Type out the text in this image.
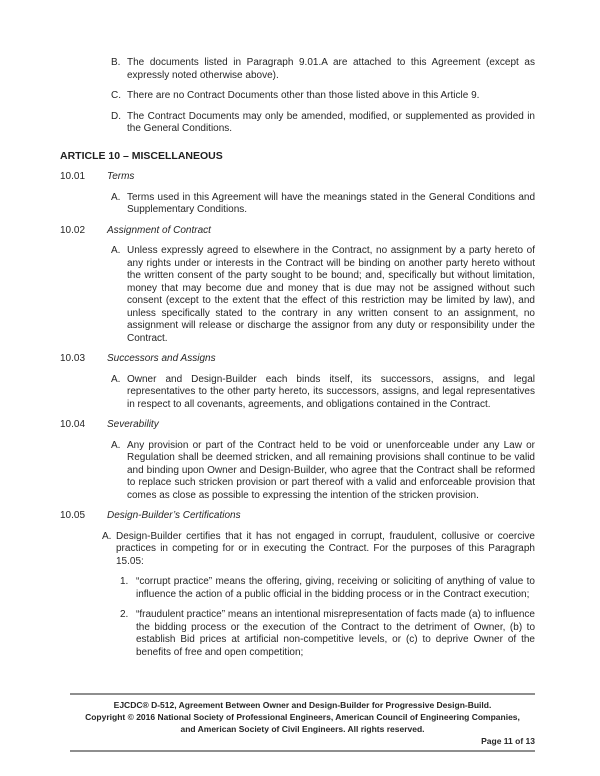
B. The documents listed in Paragraph 9.01.A are attached to this Agreement (except as expressly noted otherwise above).
C. There are no Contract Documents other than those listed above in this Article 9.
D. The Contract Documents may only be amended, modified, or supplemented as provided in the General Conditions.
ARTICLE 10 – MISCELLANEOUS
10.01 Terms
A. Terms used in this Agreement will have the meanings stated in the General Conditions and Supplementary Conditions.
10.02 Assignment of Contract
A. Unless expressly agreed to elsewhere in the Contract, no assignment by a party hereto of any rights under or interests in the Contract will be binding on another party hereto without the written consent of the party sought to be bound; and, specifically but without limitation, money that may become due and money that is due may not be assigned without such consent (except to the extent that the effect of this restriction may be limited by law), and unless specifically stated to the contrary in any written consent to an assignment, no assignment will release or discharge the assignor from any duty or responsibility under the Contract.
10.03 Successors and Assigns
A. Owner and Design-Builder each binds itself, its successors, assigns, and legal representatives to the other party hereto, its successors, assigns, and legal representatives in respect to all covenants, agreements, and obligations contained in the Contract.
10.04 Severability
A. Any provision or part of the Contract held to be void or unenforceable under any Law or Regulation shall be deemed stricken, and all remaining provisions shall continue to be valid and binding upon Owner and Design-Builder, who agree that the Contract shall be reformed to replace such stricken provision or part thereof with a valid and enforceable provision that comes as close as possible to expressing the intention of the stricken provision.
10.05 Design-Builder’s Certifications
A. Design-Builder certifies that it has not engaged in corrupt, fraudulent, collusive or coercive practices in competing for or in executing the Contract. For the purposes of this Paragraph 15.05:
1. “corrupt practice” means the offering, giving, receiving or soliciting of anything of value to influence the action of a public official in the bidding process or in the Contract execution;
2. “fraudulent practice” means an intentional misrepresentation of facts made (a) to influence the bidding process or the execution of the Contract to the detriment of Owner, (b) to establish Bid prices at artificial non-competitive levels, or (c) to deprive Owner of the benefits of free and open competition;
EJCDC® D-512, Agreement Between Owner and Design-Builder for Progressive Design-Build.
Copyright © 2016 National Society of Professional Engineers, American Council of Engineering Companies,
and American Society of Civil Engineers. All rights reserved.
Page 11 of 13
